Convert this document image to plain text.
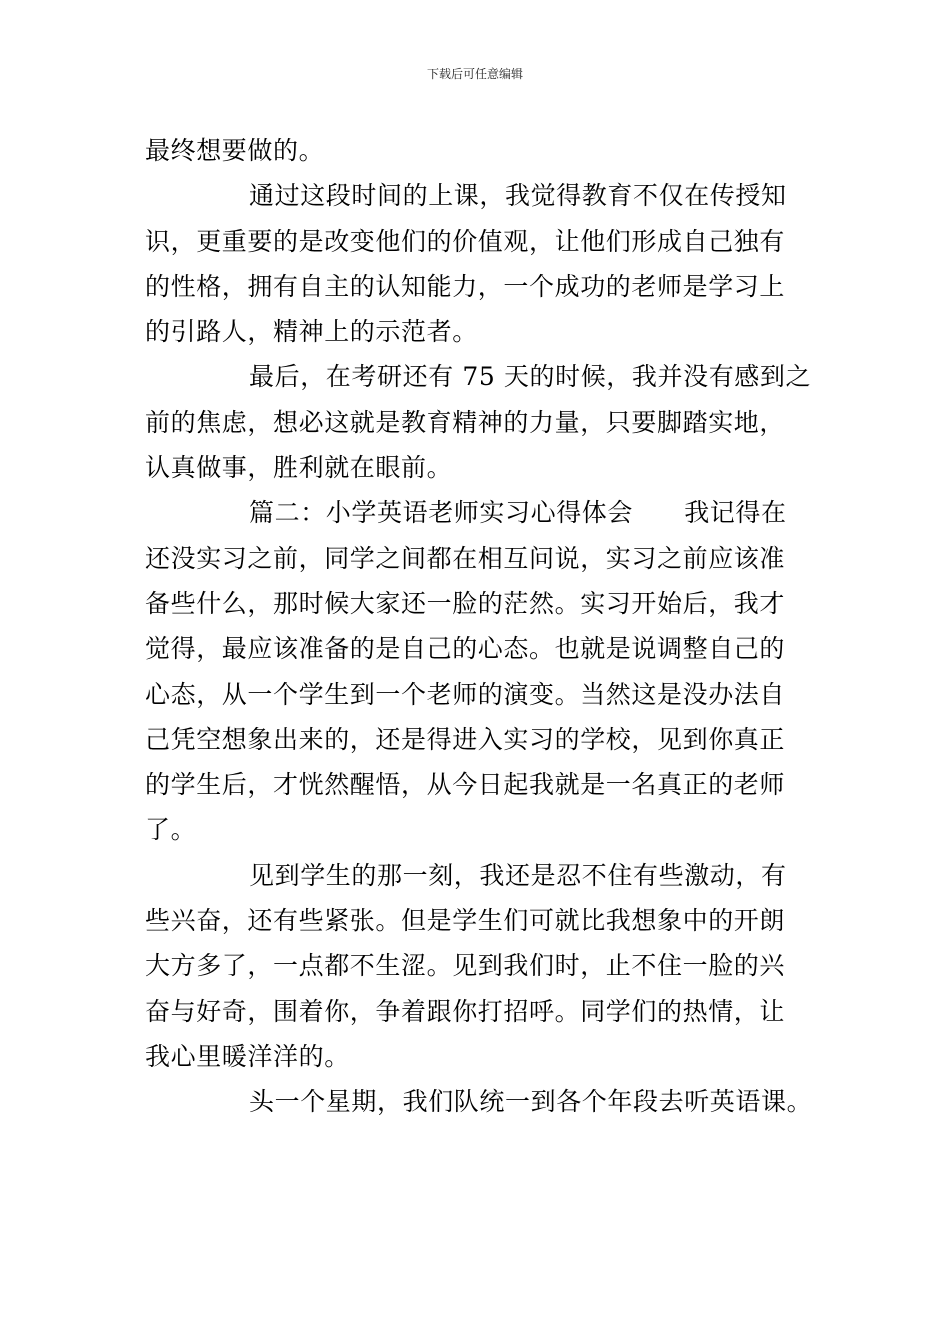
下载后可任意编辑
最终想要做的。
通过这段时间的上课，我觉得教育不仅在传授知
识，更重要的是改变他们的价值观，让他们形成自己独有
的性格，拥有自主的认知能力，一个成功的老师是学习上
的引路人，精神上的示范者。
最后，在考研还有 75 天的时候，我并没有感到之
前的焦虑，想必这就是教育精神的力量，只要脚踏实地，
认真做事，胜利就在眼前。
篇二：小学英语老师实习心得体会　　我记得在
还没实习之前，同学之间都在相互问说，实习之前应该准
备些什么，那时候大家还一脸的茫然。实习开始后，我才
觉得，最应该准备的是自己的心态。也就是说调整自己的
心态，从一个学生到一个老师的演变。当然这是没办法自
己凭空想象出来的，还是得进入实习的学校，见到你真正
的学生后，才恍然醒悟，从今日起我就是一名真正的老师
了。
见到学生的那一刻，我还是忍不住有些激动，有
些兴奋，还有些紧张。但是学生们可就比我想象中的开朗
大方多了，一点都不生涩。见到我们时，止不住一脸的兴
奋与好奇，围着你，争着跟你打招呼。同学们的热情，让
我心里暖洋洋的。
头一个星期，我们队统一到各个年段去听英语课。
